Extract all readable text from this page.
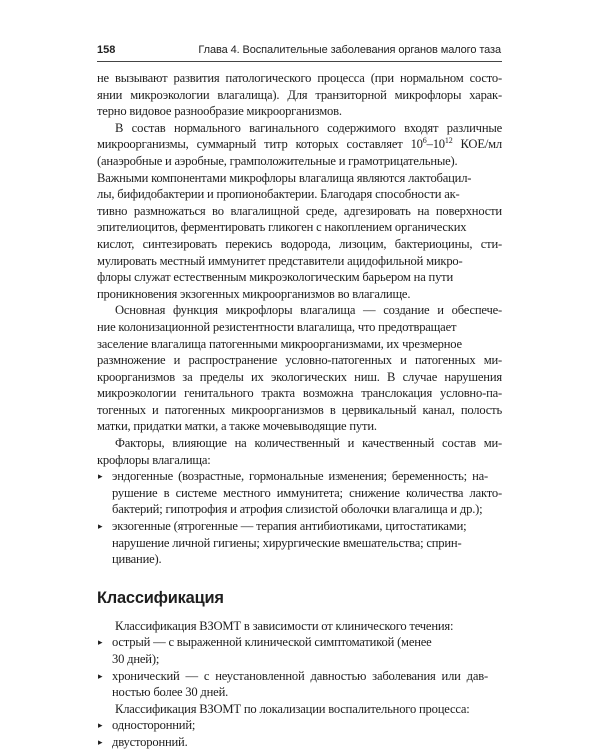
158	Глава 4. Воспалительные заболевания органов малого таза
не вызывают развития патологического процесса (при нормальном состо-
янии микроэкологии влагалища). Для транзиторной микрофлоры харак-
терно видовое разнообразие микроорганизмов.
В состав нормального вагинального содержимого входят различные
микроорганизмы, суммарный титр которых составляет $10^6-10^{12}$ КОЕ/мл
(анаэробные и аэробные, грамположительные и грамотрицательные).
Важными компонентами микрофлоры влагалища являются лактобацил-
лы, бифидобактерии и пропионобактерии. Благодаря способности ак-
тивно размножаться во влагалищной среде, адгезировать на поверхности
эпителиоцитов, ферментировать гликоген с накоплением органических
кислот, синтезировать перекись водорода, лизоцим, бактериоцины, сти-
мулировать местный иммунитет представители ацидофильной микро-
флоры служат естественным микроэкологическим барьером на пути
проникновения экзогенных микроорганизмов во влагалище.
Основная функция микрофлоры влагалища — создание и обеспече-
ние колонизационной резистентности влагалища, что предотвращает
заселение влагалища патогенными микроорганизмами, их чрезмерное
размножение и распространение условно-патогенных и патогенных ми-
кроорганизмов за пределы их экологических ниш. В случае нарушения
микроэкологии генитального тракта возможна транслокация условно-па-
тогенных и патогенных микроорганизмов в цервикальный канал, полость
матки, придатки матки, а также мочевыводящие пути.
Факторы, влияющие на количественный и качественный состав ми-
крофлоры влагалища:
▸ эндогенные (возрастные, гормональные изменения; беременность; на-
рушение в системе местного иммунитета; снижение количества лакто-
бактерий; гипотрофия и атрофия слизистой оболочки влагалища и др.);
▸ экзогенные (ятрогенные — терапия антибиотиками, цитостатиками;
нарушение личной гигиены; хирургические вмешательства; сприн-
цивание).
Классификация
Классификация ВЗОМТ в зависимости от клинического течения:
▸ острый — с выраженной клинической симптоматикой (менее
30 дней);
▸ хронический — с неустановленной давностью заболевания или дав-
ностью более 30 дней.
Классификация ВЗОМТ по локализации воспалительного процесса:
▸ односторонний;
▸ двусторонний.
